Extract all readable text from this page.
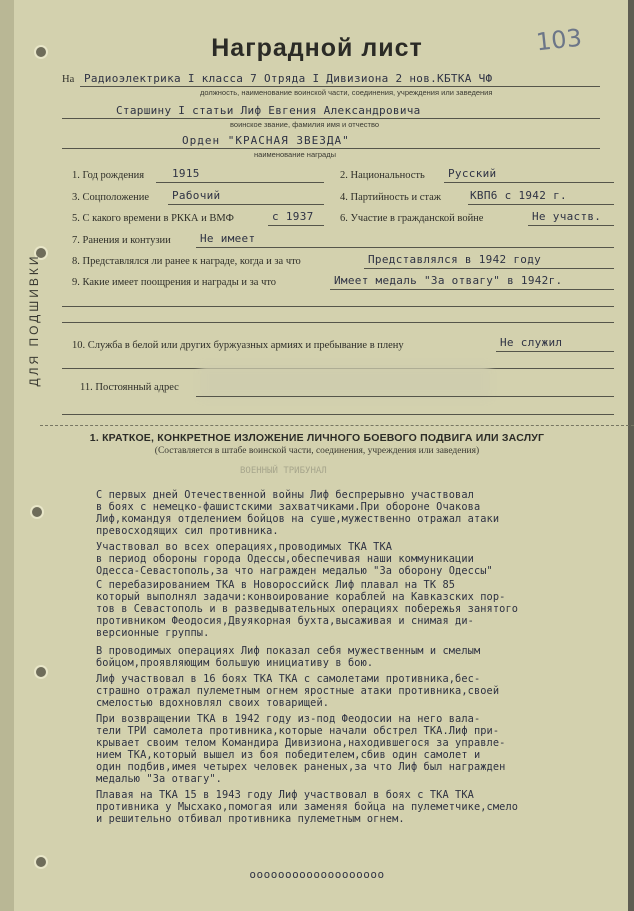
ДЛЯ ПОДШИВКИ
Наградной лист	103
На Радиоэлектрика I класса 7 Отряда I Дивизиона 2 нов.КБТКА ЧФ
должность, наименование воинской части, соединения, учреждения или заведения
Старшину I статьи Лиф Евгения Александровича
воинское звание, фамилия имя и отчество
Орден "КРАСНАЯ ЗВЕЗДА"
наименование награды
1. Год рождения	1915	2. Национальность Русский
3. Соцположение Рабочий	4. Партийность и стаж	КВП6 с 1942 г.
5. С какого времени в РККА и ВМФ	с 1937	6. Участие в гражданской войне	Не участв.
7. Ранения и контузии	Не имеет
8. Представлялся ли ранее к награде, когда и за что	Представлялся в 1942 году
9. Какие имеет поощрения и награды и за что	Имеет медаль "За отвагу" в 1942г.
10. Служба в белой или других буржуазных армиях и пребывание в плену	Не служил
11. Постоянный адрес
1. КРАТКОЕ, КОНКРЕТНОЕ ИЗЛОЖЕНИЕ ЛИЧНОГО БОЕВОГО ПОДВИГА ИЛИ ЗАСЛУГ
(Составляется в штабе воинской части, соединения, учреждения или заведения)
ВОЕННЫЙ ТРИБУНАЛ
С первых дней Отечественной войны Лиф беспрерывно участвовал
в боях с немецко-фашистскими захватчиками.При обороне Очакова
Лиф,командуя отделением бойцов на суше,мужественно отражал атаки
превосходящих сил противника.
Участвовал во всех операциях,проводимых ТКА ТКА
в период обороны города Одессы,обеспечивая наши коммуникации
Одесса-Севастополь,за что награжден медалью "За оборону Одессы"
С перебазированием ТКА в Новороссийск Лиф плавал на ТК 85
который выполнял задачи:конвоирование кораблей на Кавказских пор-
тов в Севастополь и в разведывательных операциях побережья занятого
противником Феодосия,Двуякорная бухта,высаживая и снимая ди-
версионные группы.
В проводимых операциях Лиф показал себя мужественным и смелым
бойцом,проявляющим большую инициативу в бою.
Лиф участвовал в 16 боях ТКА ТКА с самолетами противника,бес-
страшно отражал пулеметным огнем яростные атаки противника,своей
смелостью вдохновлял своих товарищей.
При возвращении ТКА в 1942 году из-под Феодосии на него вала-
тели ТРИ самолета противника,которые начали обстрел ТКА.Лиф при-
крывает своим телом Командира Дивизиона,находившегося за управле-
нием ТКА,который вышел из боя победителем,сбив один самолет и
один подбив,имея четырех человек раненых,за что Лиф был награжден
медалью "За отвагу".
Плавая на ТКА 15 в 1943 году Лиф участвовал в боях с ТКА ТКА
противника у Мысхако,помогая или заменяя бойца на пулеметчике,смело
и решительно отбивал противника пулеметным огнем.
ооооооооооооооооооо
